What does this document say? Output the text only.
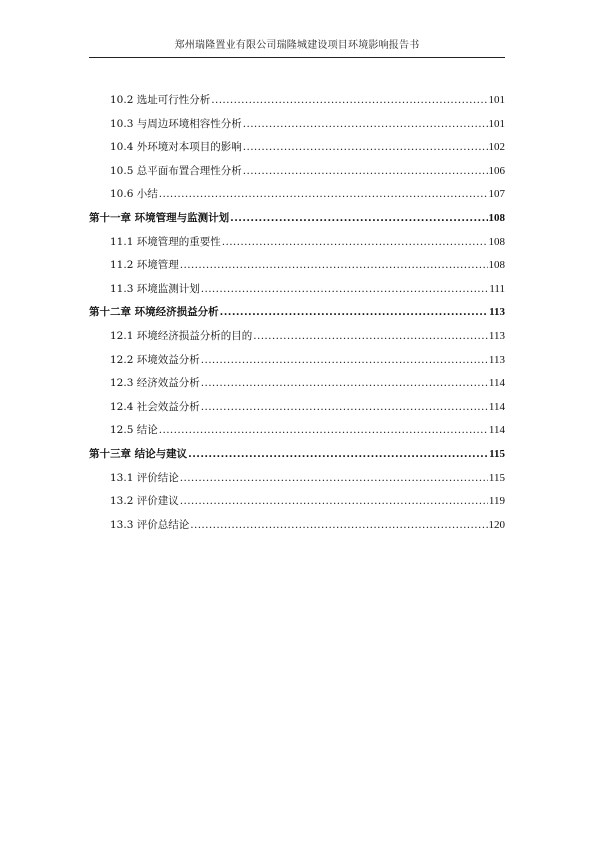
郑州瑞隆置业有限公司瑞隆城建设项目环境影响报告书
10.2 选址可行性分析 .....	101
10.3 与周边环境相容性分析 .....	101
10.4 外环境对本项目的影响 .....	102
10.5 总平面布置合理性分析 .....	106
10.6 小结 .....	107
第十一章 环境管理与监测计划 .....	108
11.1 环境管理的重要性 .....	108
11.2 环境管理 .....	108
11.3 环境监测计划 .....	111
第十二章 环境经济损益分析 .....	113
12.1 环境经济损益分析的目的 .....	113
12.2 环境效益分析 .....	113
12.3 经济效益分析 .....	114
12.4 社会效益分析 .....	114
12.5 结论 .....	114
第十三章 结论与建议 .....	115
13.1 评价结论 .....	115
13.2 评价建议 .....	119
13.3 评价总结论 .....	120
